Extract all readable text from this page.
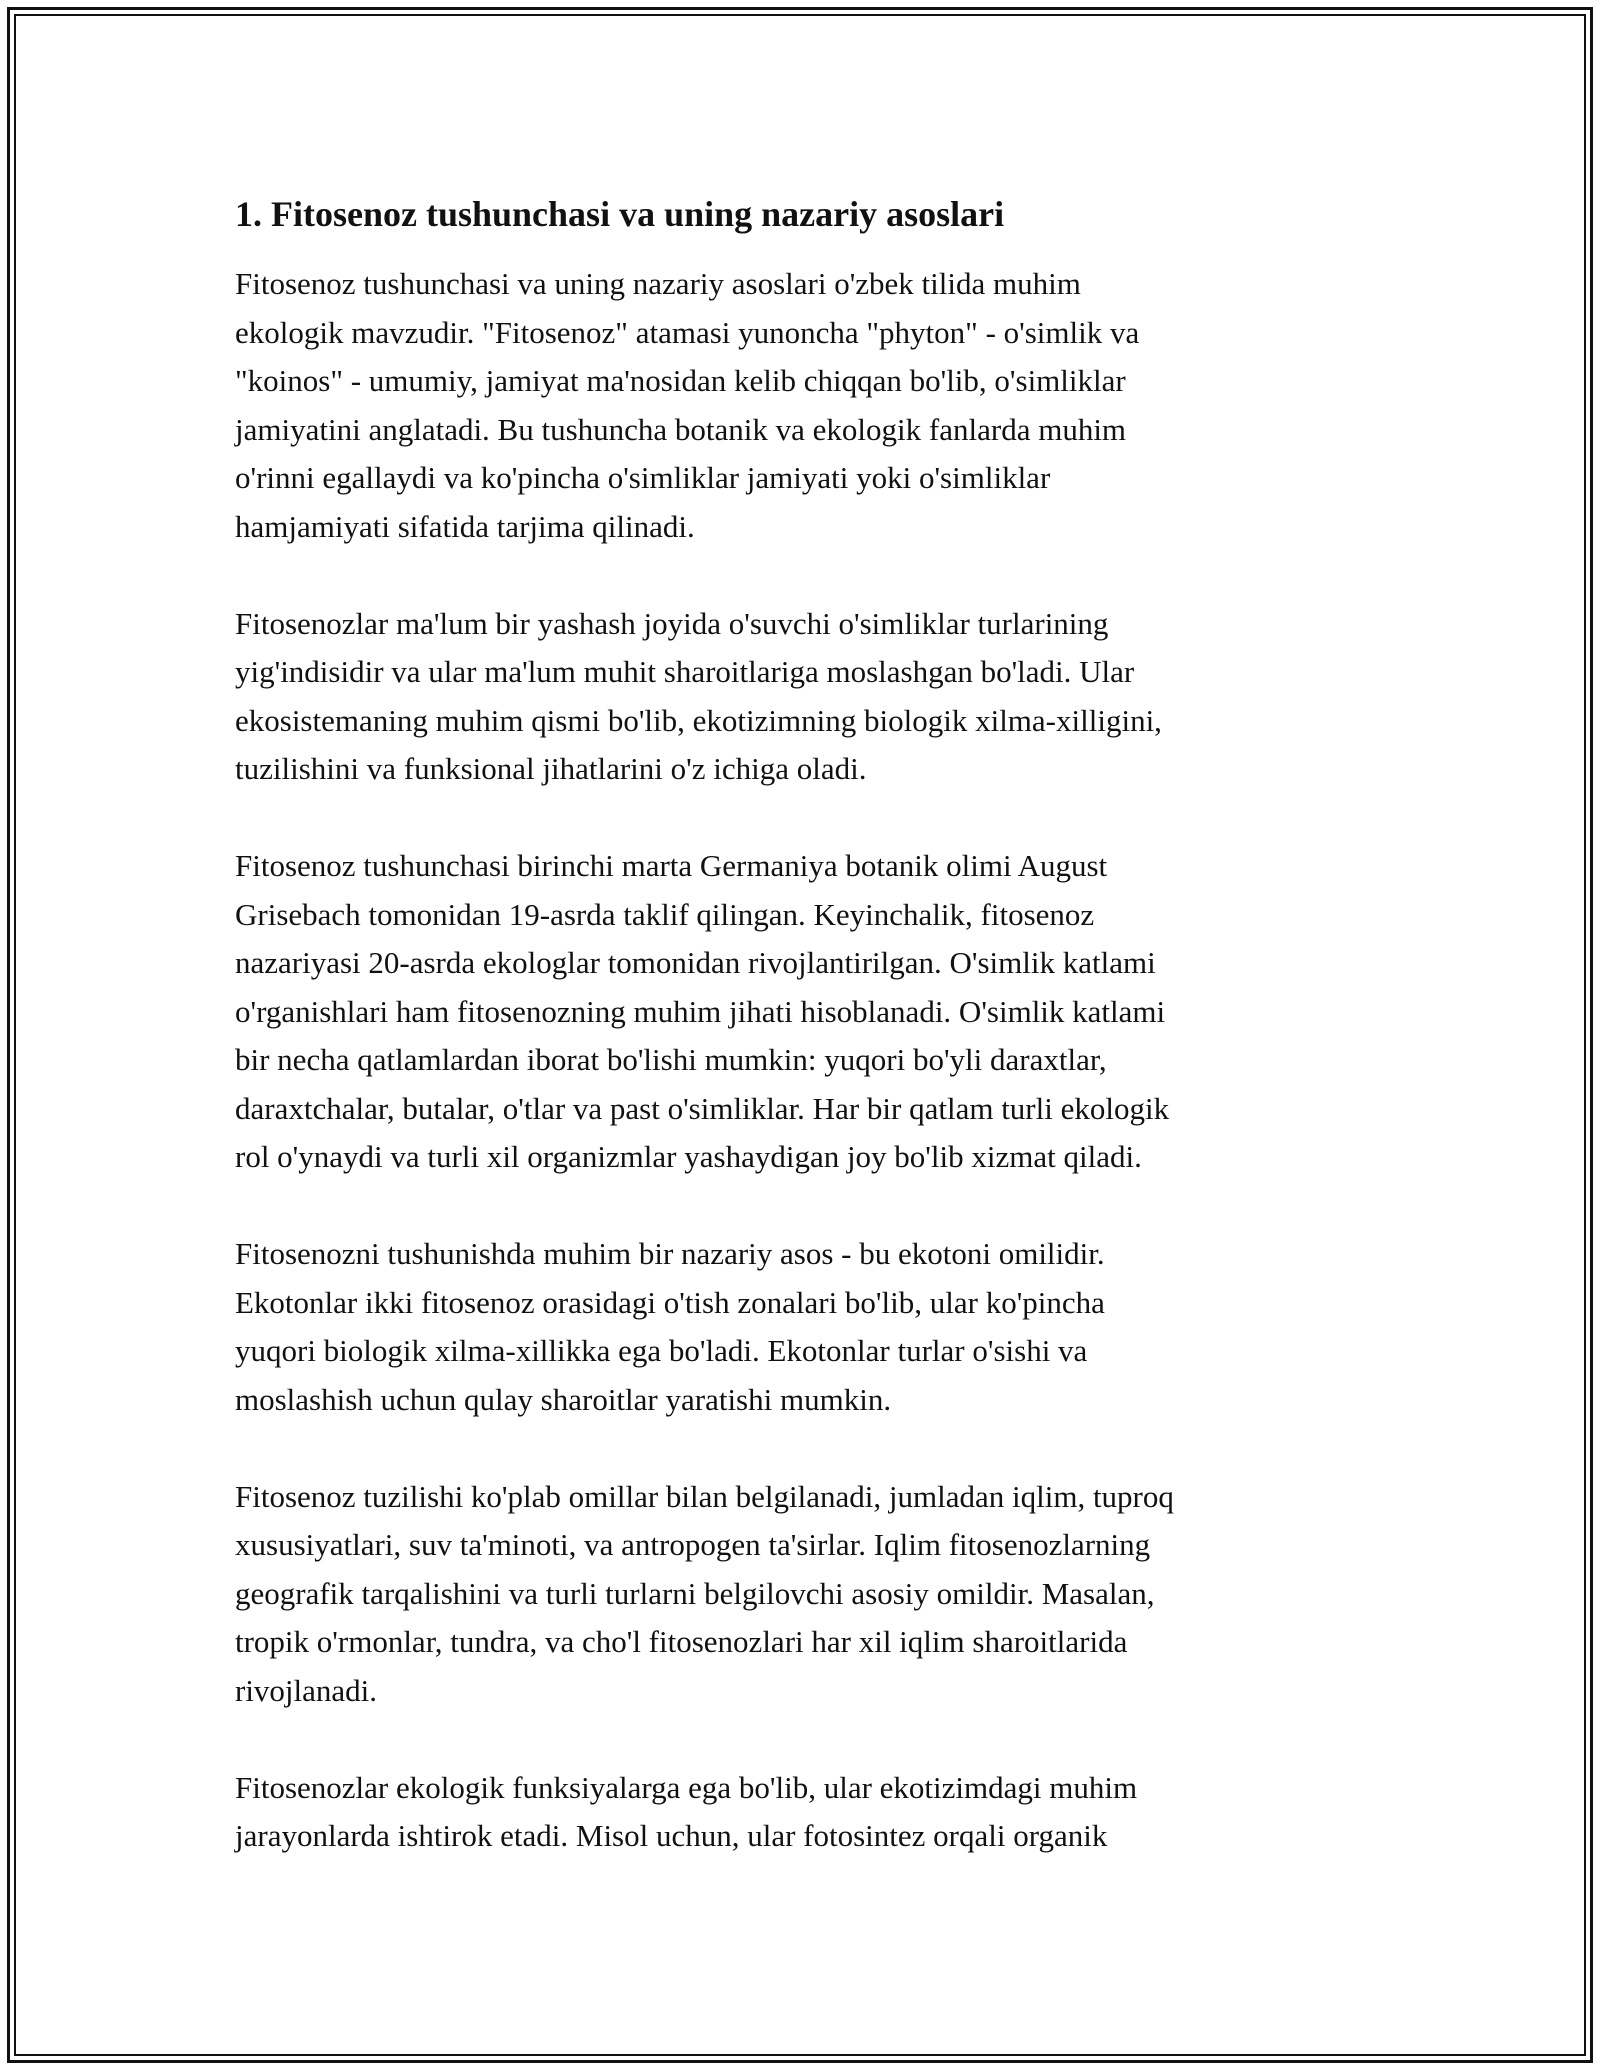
1. Fitosenoz tushunchasi va uning nazariy asoslari

Fitosenoz tushunchasi va uning nazariy asoslari o'zbek tilida muhim
ekologik mavzudir. "Fitosenoz" atamasi yunoncha "phyton" - o'simlik va
"koinos" - umumiy, jamiyat ma'nosidan kelib chiqqan bo'lib, o'simliklar
jamiyatini anglatadi. Bu tushuncha botanik va ekologik fanlarda muhim
o'rinni egallaydi va ko'pincha o'simliklar jamiyati yoki o'simliklar
hamjamiyati sifatida tarjima qilinadi.

Fitosenozlar ma'lum bir yashash joyida o'suvchi o'simliklar turlarining
yig'indisidir va ular ma'lum muhit sharoitlariga moslashgan bo'ladi. Ular
ekosistemaning muhim qismi bo'lib, ekotizimning biologik xilma-xilligini,
tuzilishini va funksional jihatlarini o'z ichiga oladi.

Fitosenoz tushunchasi birinchi marta Germaniya botanik olimi August
Grisebach tomonidan 19-asrda taklif qilingan. Keyinchalik, fitosenoz
nazariyasi 20-asrda ekologlar tomonidan rivojlantirilgan. O'simlik katlami
o'rganishlari ham fitosenozning muhim jihati hisoblanadi. O'simlik katlami
bir necha qatlamlardan iborat bo'lishi mumkin: yuqori bo'yli daraxtlar,
daraxtchalar, butalar, o'tlar va past o'simliklar. Har bir qatlam turli ekologik
rol o'ynaydi va turli xil organizmlar yashaydigan joy bo'lib xizmat qiladi.

Fitosenozni tushunishda muhim bir nazariy asos - bu ekotoni omilidir.
Ekotonlar ikki fitosenoz orasidagi o'tish zonalari bo'lib, ular ko'pincha
yuqori biologik xilma-xillikka ega bo'ladi. Ekotonlar turlar o'sishi va
moslashish uchun qulay sharoitlar yaratishi mumkin.

Fitosenoz tuzilishi ko'plab omillar bilan belgilanadi, jumladan iqlim, tuproq
xususiyatlari, suv ta'minoti, va antropogen ta'sirlar. Iqlim fitosenozlarning
geografik tarqalishini va turli turlarni belgilovchi asosiy omildir. Masalan,
tropik o'rmonlar, tundra, va cho'l fitosenozlari har xil iqlim sharoitlarida
rivojlanadi.

Fitosenozlar ekologik funksiyalarga ega bo'lib, ular ekotizimdagi muhim
jarayonlarda ishtirok etadi. Misol uchun, ular fotosintez orqali organik
